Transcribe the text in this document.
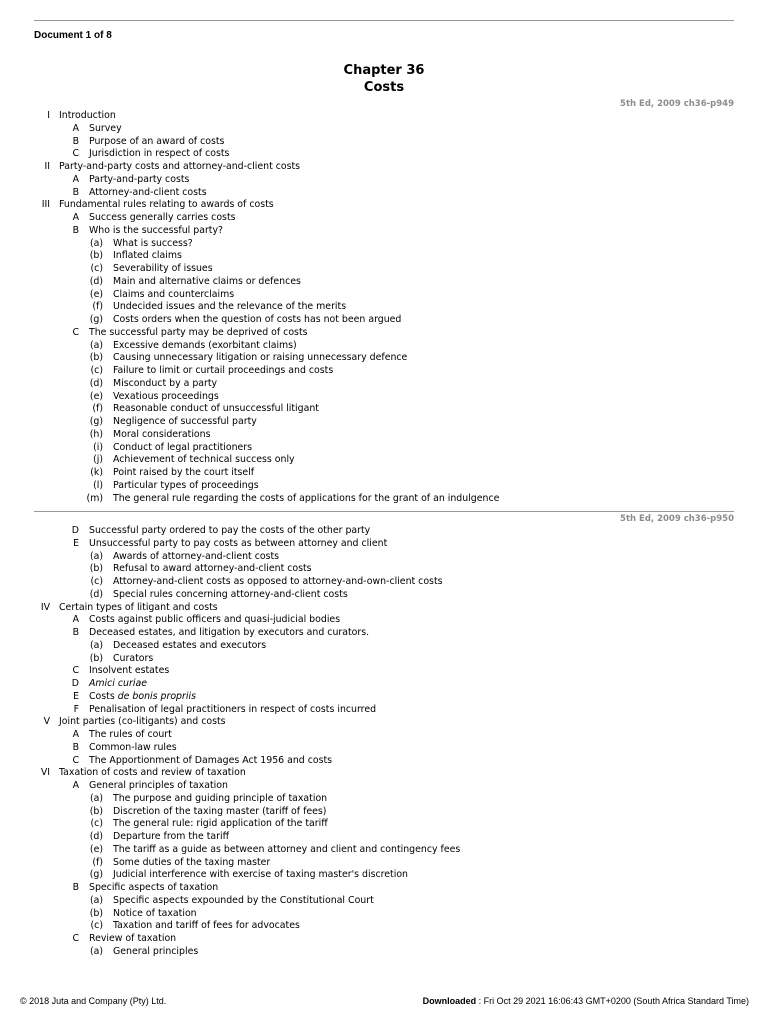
Document 1 of 8
Chapter 36
Costs
5th Ed, 2009 ch36-p949
I Introduction
A Survey
B Purpose of an award of costs
C Jurisdiction in respect of costs
II Party-and-party costs and attorney-and-client costs
A Party-and-party costs
B Attorney-and-client costs
III Fundamental rules relating to awards of costs
A Success generally carries costs
B Who is the successful party?
(a) What is success?
(b) Inflated claims
(c) Severability of issues
(d) Main and alternative claims or defences
(e) Claims and counterclaims
(f) Undecided issues and the relevance of the merits
(g) Costs orders when the question of costs has not been argued
C The successful party may be deprived of costs
(a) Excessive demands (exorbitant claims)
(b) Causing unnecessary litigation or raising unnecessary defence
(c) Failure to limit or curtail proceedings and costs
(d) Misconduct by a party
(e) Vexatious proceedings
(f) Reasonable conduct of unsuccessful litigant
(g) Negligence of successful party
(h) Moral considerations
(i) Conduct of legal practitioners
(j) Achievement of technical success only
(k) Point raised by the court itself
(l) Particular types of proceedings
(m) The general rule regarding the costs of applications for the grant of an indulgence
5th Ed, 2009 ch36-p950
D Successful party ordered to pay the costs of the other party
E Unsuccessful party to pay costs as between attorney and client
(a) Awards of attorney-and-client costs
(b) Refusal to award attorney-and-client costs
(c) Attorney-and-client costs as opposed to attorney-and-own-client costs
(d) Special rules concerning attorney-and-client costs
IV Certain types of litigant and costs
A Costs against public officers and quasi-judicial bodies
B Deceased estates, and litigation by executors and curators.
(a) Deceased estates and executors
(b) Curators
C Insolvent estates
D Amici curiae
E Costs de bonis propriis
F Penalisation of legal practitioners in respect of costs incurred
V Joint parties (co-litigants) and costs
A The rules of court
B Common-law rules
C The Apportionment of Damages Act 1956 and costs
VI Taxation of costs and review of taxation
A General principles of taxation
(a) The purpose and guiding principle of taxation
(b) Discretion of the taxing master (tariff of fees)
(c) The general rule: rigid application of the tariff
(d) Departure from the tariff
(e) The tariff as a guide as between attorney and client and contingency fees
(f) Some duties of the taxing master
(g) Judicial interference with exercise of taxing master's discretion
B Specific aspects of taxation
(a) Specific aspects expounded by the Constitutional Court
(b) Notice of taxation
(c) Taxation and tariff of fees for advocates
C Review of taxation
(a) General principles
© 2018 Juta and Company (Pty) Ltd.	Downloaded : Fri Oct 29 2021 16:06:43 GMT+0200 (South Africa Standard Time)
